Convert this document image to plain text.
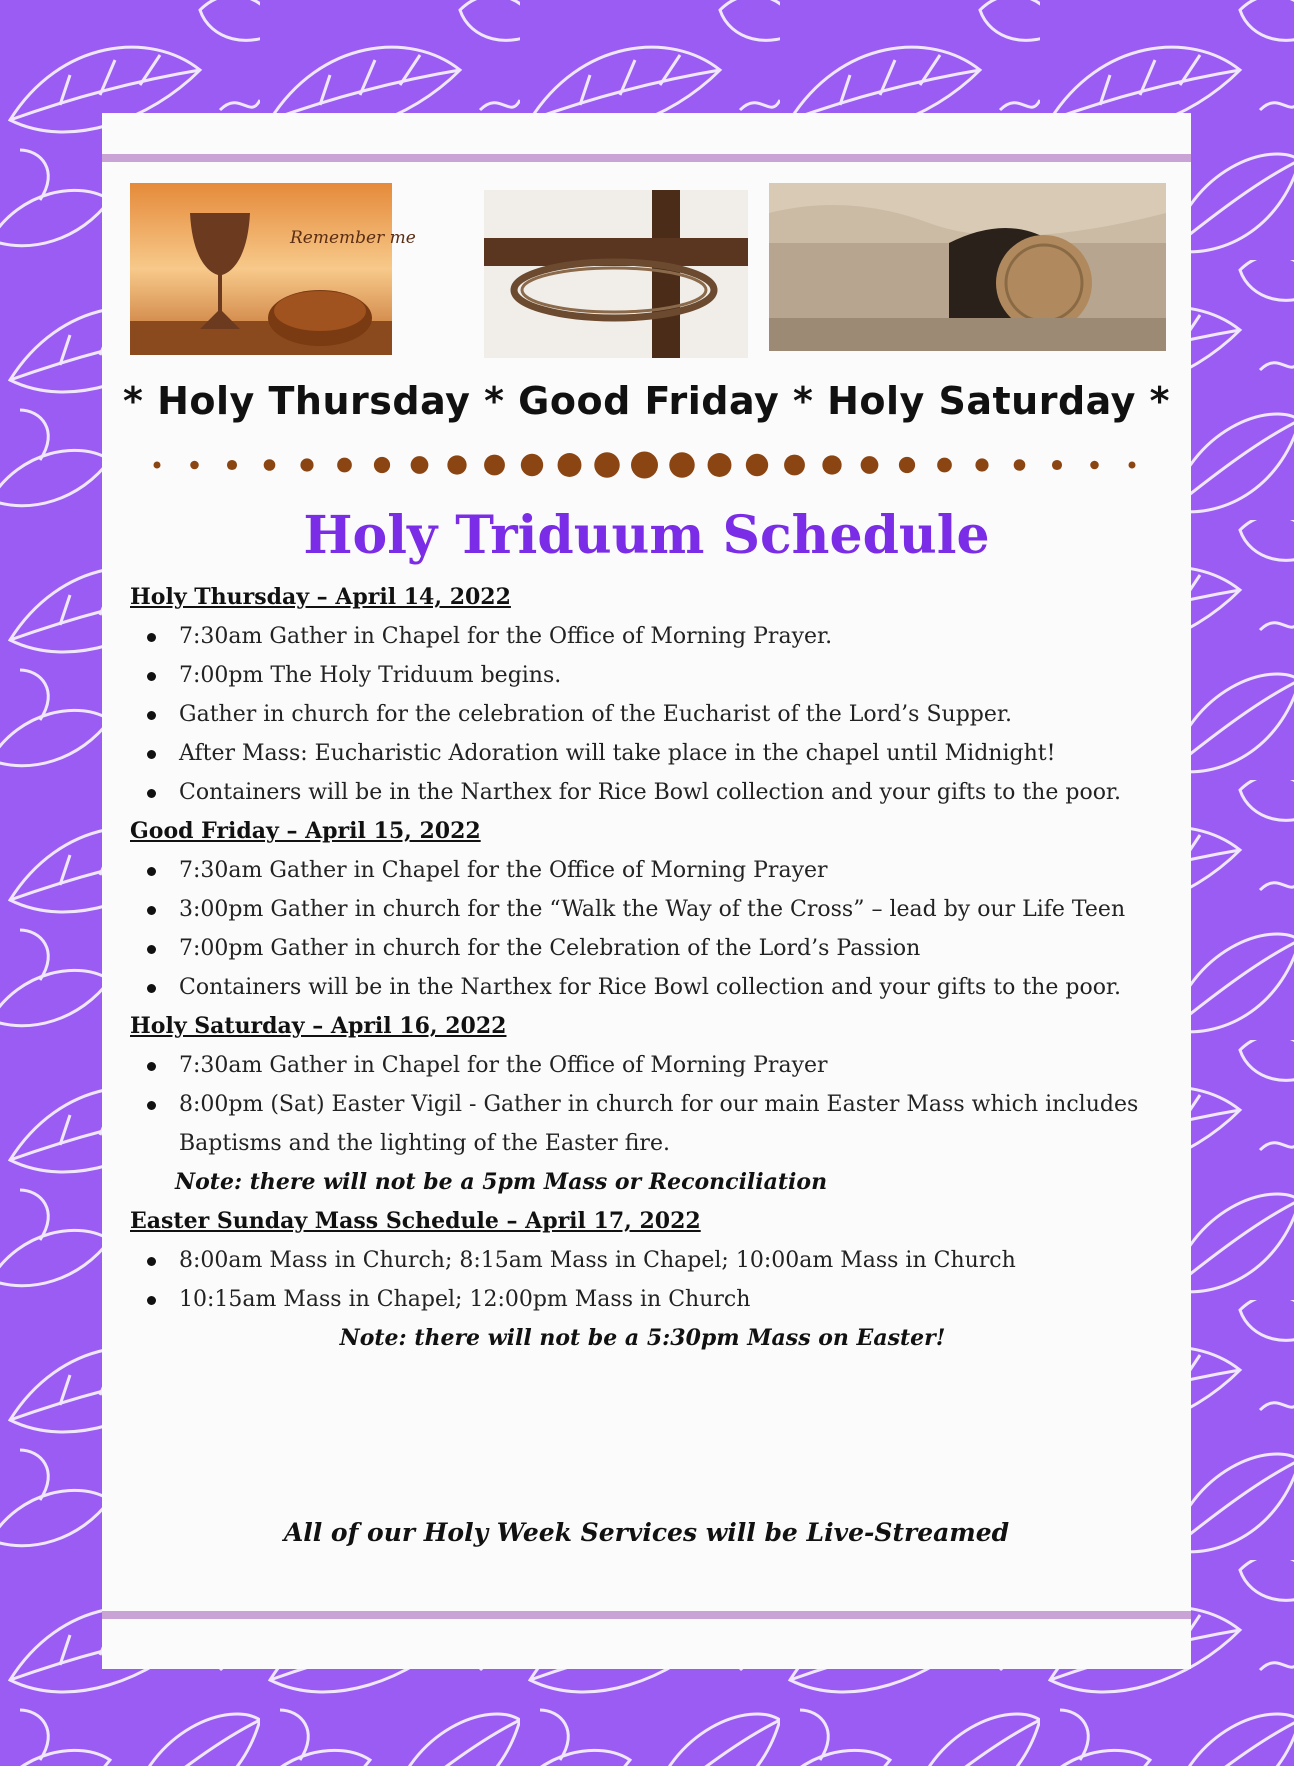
Remember me
* Holy Thursday * Good Friday * Holy Saturday *
Holy Triduum Schedule
Holy Thursday – April 14, 2022
7:30am Gather in Chapel for the Office of Morning Prayer.
7:00pm The Holy Triduum begins.
Gather in church for the celebration of the Eucharist of the Lord’s Supper.
After Mass: Eucharistic Adoration will take place in the chapel until Midnight!
Containers will be in the Narthex for Rice Bowl collection and your gifts to the poor.
Good Friday – April 15, 2022
7:30am Gather in Chapel for the Office of Morning Prayer
3:00pm Gather in church for the “Walk the Way of the Cross” – lead by our Life Teen
7:00pm Gather in church for the Celebration of the Lord’s Passion
Containers will be in the Narthex for Rice Bowl collection and your gifts to the poor.
Holy Saturday – April 16, 2022
7:30am Gather in Chapel for the Office of Morning Prayer
8:00pm (Sat) Easter Vigil - Gather in church for our main Easter Mass which includes Baptisms and the lighting of the Easter fire.
Note: there will not be a 5pm Mass or Reconciliation
Easter Sunday Mass Schedule – April 17, 2022
8:00am Mass in Church; 8:15am Mass in Chapel; 10:00am Mass in Church
10:15am Mass in Chapel; 12:00pm Mass in Church
Note: there will not be a 5:30pm Mass on Easter!
All of our Holy Week Services will be Live-Streamed
